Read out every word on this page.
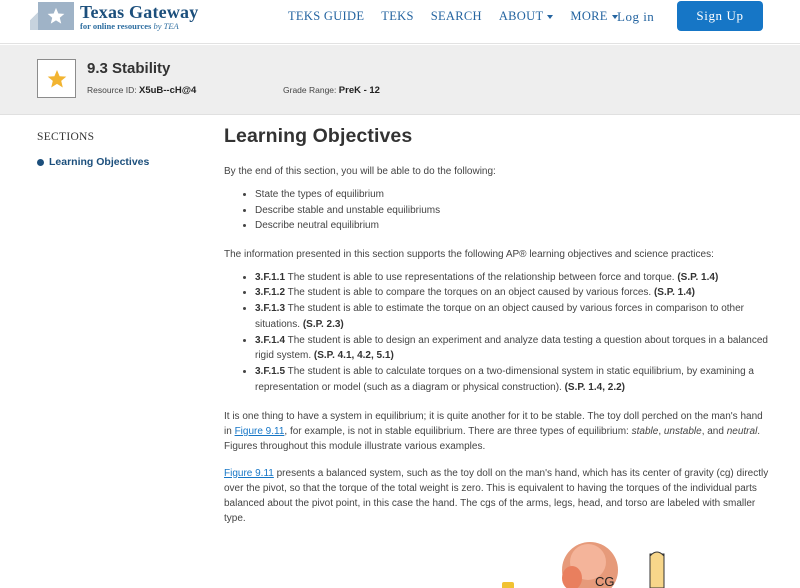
Texas Gateway
for online resources by TEA
TEKS GUIDE TEKS SEARCH ABOUT MORE Log in	Sign Up
9.3 Stability
Resource ID: X5uB--cH@4	Grade Range: PreK - 12
SECTIONS
Learning Objectives
Learning Objectives

By the end of this section, you will be able to do the following:

• State the types of equilibrium
• Describe stable and unstable equilibriums
• Describe neutral equilibrium

The information presented in this section supports the following AP® learning objectives and science practices:

• 3.F.1.1 The student is able to use representations of the relationship between force and torque. (S.P. 1.4)
• 3.F.1.2 The student is able to compare the torques on an object caused by various forces. (S.P. 1.4)
• 3.F.1.3 The student is able to estimate the torque on an object caused by various forces in comparison to other situations. (S.P. 2.3)
• 3.F.1.4 The student is able to design an experiment and analyze data testing a question about torques in a balanced rigid system. (S.P. 4.1, 4.2, 5.1)
• 3.F.1.5 The student is able to calculate torques on a two-dimensional system in static equilibrium, by examining a representation or model (such as a diagram or physical construction). (S.P. 1.4, 2.2)

It is one thing to have a system in equilibrium; it is quite another for it to be stable. The toy doll perched on the man's hand in Figure 9.11, for example, is not in stable equilibrium. There are three types of equilibrium: stable, unstable, and neutral. Figures throughout this module illustrate various examples.

Figure 9.11 presents a balanced system, such as the toy doll on the man's hand, which has its center of gravity (cg) directly over the pivot, so that the torque of the total weight is zero. This is equivalent to having the torques of the individual parts balanced about the pivot point, in this case the hand. The cgs of the arms, legs, head, and torso are labeled with smaller type.

CG
